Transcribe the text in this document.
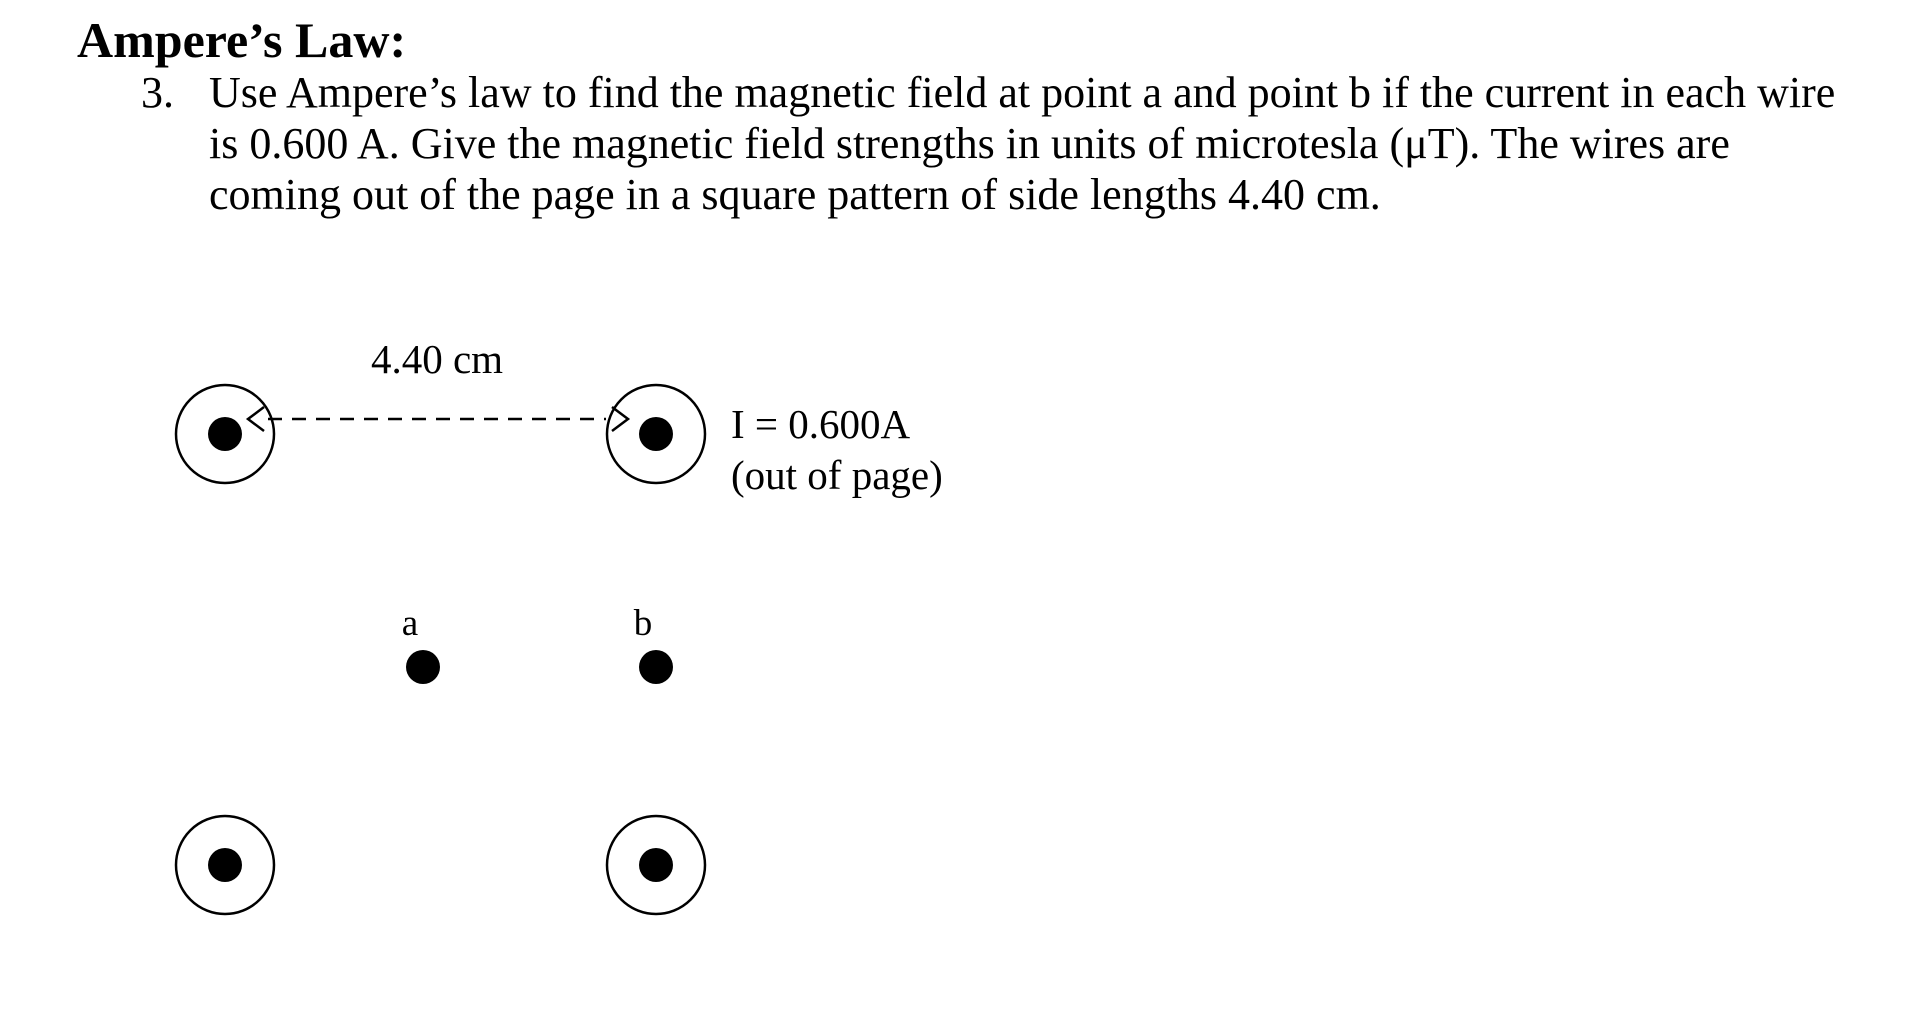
Ampere’s Law:
3. Use Ampere’s law to find the magnetic field at point a and point b if the current in each wire
is 0.600 A. Give the magnetic field strengths in units of microtesla (μT). The wires are
coming out of the page in a square pattern of side lengths 4.40 cm.
4.40 cm
I = 0.600A
(out of page)
a	b
